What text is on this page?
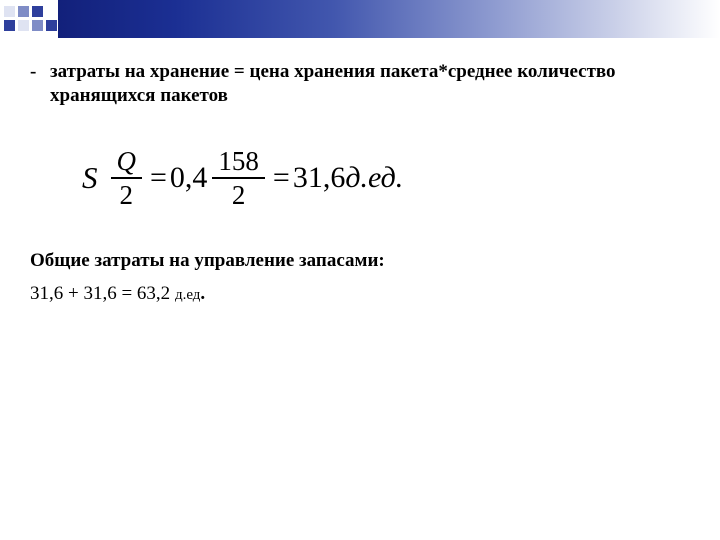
- затраты на хранение = цена хранения пакета*среднее количество хранящихся пакетов
S $\frac{Q}{2} = 0,4 \frac{158}{2} = 31,6$ д.ед.
Общие затраты на управление запасами:
31,6 + 31,6 = 63,2 д.ед.
